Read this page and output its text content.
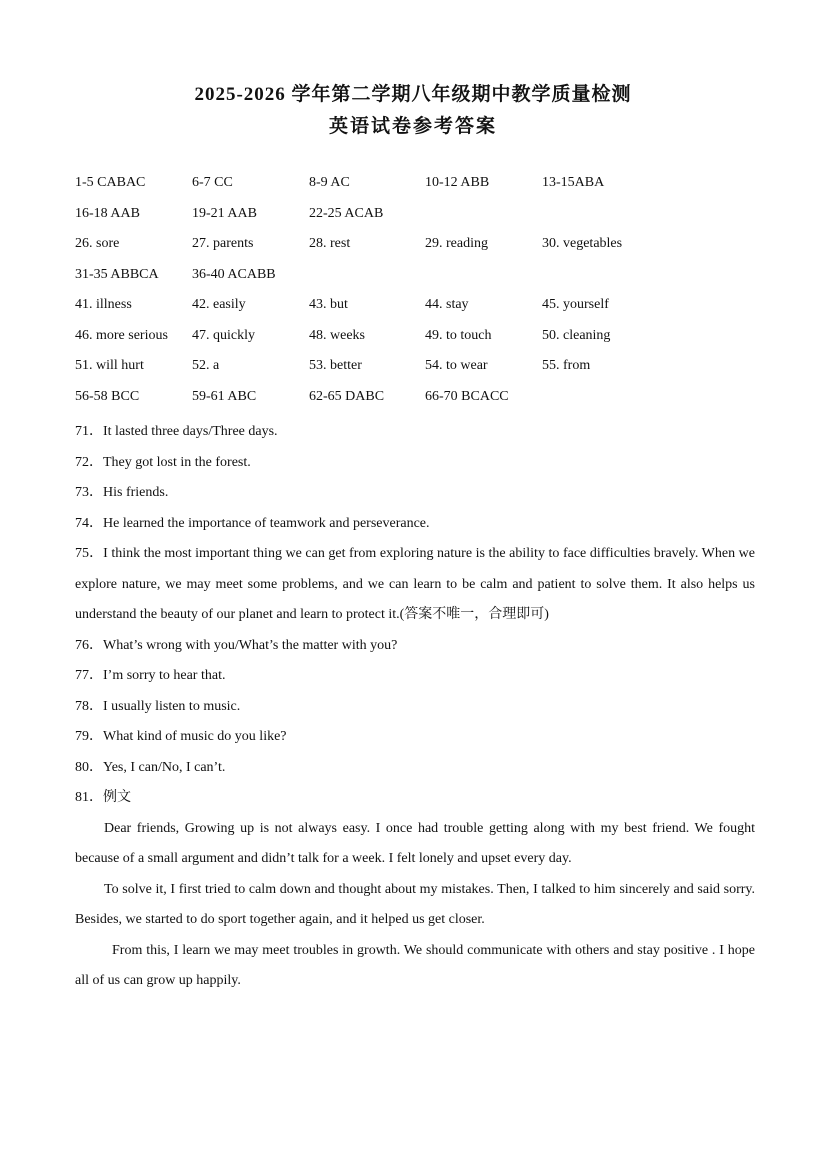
2025-2026 学年第二学期八年级期中教学质量检测
英语试卷参考答案
1-5 CABAC	6-7 CC	8-9 AC	10-12 ABB	13-15ABA
16-18 AAB	19-21 AAB	22-25 ACAB
26. sore	27. parents	28. rest	29. reading	30. vegetables
31-35 ABBCA 36-40 ACABB
41. illness	42. easily	43. but	44. stay	45. yourself
46. more serious 47. quickly	48. weeks	49. to touch	50. cleaning
51. will hurt	52. a	53. better	54. to wear	55. from
56-58 BCC	59-61 ABC	62-65 DABC	66-70 BCACC
71．It lasted three days/Three days.
72．They got lost in the forest.
73．His friends.
74．He learned the importance of teamwork and perseverance.

75．I think the most important thing we can get from exploring nature is the ability to face difficulties bravely. When we explore nature, we may meet some problems, and we can learn to be calm and patient to solve them. It also helps us understand the beauty of our planet and learn to protect it.(答案不唯一，合理即可)

76．What’s wrong with you/What’s the matter with you?
77．I’m sorry to hear that.
78．I usually listen to music.
79．What kind of music do you like?
80．Yes, I can/No, I can’t.
81．例文

Dear friends, Growing up is not always easy. I once had trouble getting along with my best friend. We fought because of a small argument and didn’t talk for a week. I felt lonely and upset every day.

To solve it, I first tried to calm down and thought about my mistakes. Then, I talked to him sincerely and said sorry. Besides, we started to do sport together again, and it helped us get closer.

From this, I learn we may meet troubles in growth. We should communicate with others and stay positive . I hope all of us can grow up happily.
